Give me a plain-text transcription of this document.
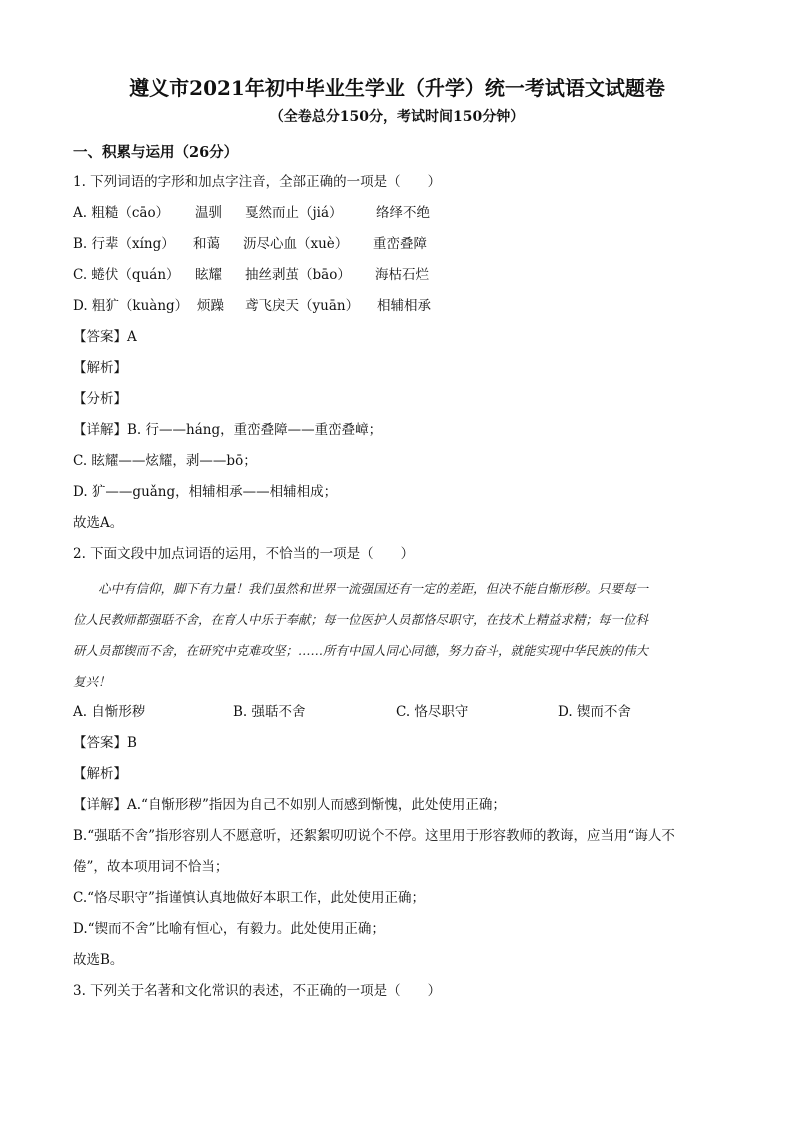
遵义市2021年初中毕业生学业（升学）统一考试语文试题卷
（全卷总分150分，考试时间150分钟）
一、积累与运用（26分）
1. 下列词语的字形和加点字注音，全部正确的一项是（　　）
A. 粗糙（cāo） 温驯 戛然而止（jiá） 络绎不绝
B. 行辈（xíng） 和蔼 沥尽心血（xuè） 重峦叠障
C. 蜷伏（quán） 眩耀 抽丝剥茧（bāo） 海枯石烂
D. 粗犷（kuàng） 烦躁 鸢飞戾天（yuān） 相辅相承
【答案】A
【解析】
【分析】
【详解】B. 行——háng，重峦叠障——重峦叠嶂；
C. 眩耀——炫耀，剥——bō；
D. 犷——guǎng，相辅相承——相辅相成；
故选A。
2. 下面文段中加点词语的运用，不恰当的一项是（　　）
　　心中有信仰，脚下有力量！我们虽然和世界一流强国还有一定的差距，但决不能自惭形秽。只要每一
位人民教师都强聒不舍，在育人中乐于奉献；每一位医护人员都恪尽职守，在技术上精益求精；每一位科
研人员都锲而不舍，在研究中克难攻坚；……所有中国人同心同德，努力奋斗，就能实现中华民族的伟大
复兴！
A. 自惭形秽	B. 强聒不舍	C. 恪尽职守	D. 锲而不舍
【答案】B
【解析】
【详解】A.“自惭形秽”指因为自己不如别人而感到惭愧，此处使用正确；
B.“强聒不舍”指形容别人不愿意听，还絮絮叨叨说个不停。这里用于形容教师的教诲，应当用“诲人不
倦”，故本项用词不恰当；
C.“恪尽职守”指谨慎认真地做好本职工作，此处使用正确；
D.“锲而不舍”比喻有恒心，有毅力。此处使用正确；
故选B。
3. 下列关于名著和文化常识的表述，不正确的一项是（　　）
